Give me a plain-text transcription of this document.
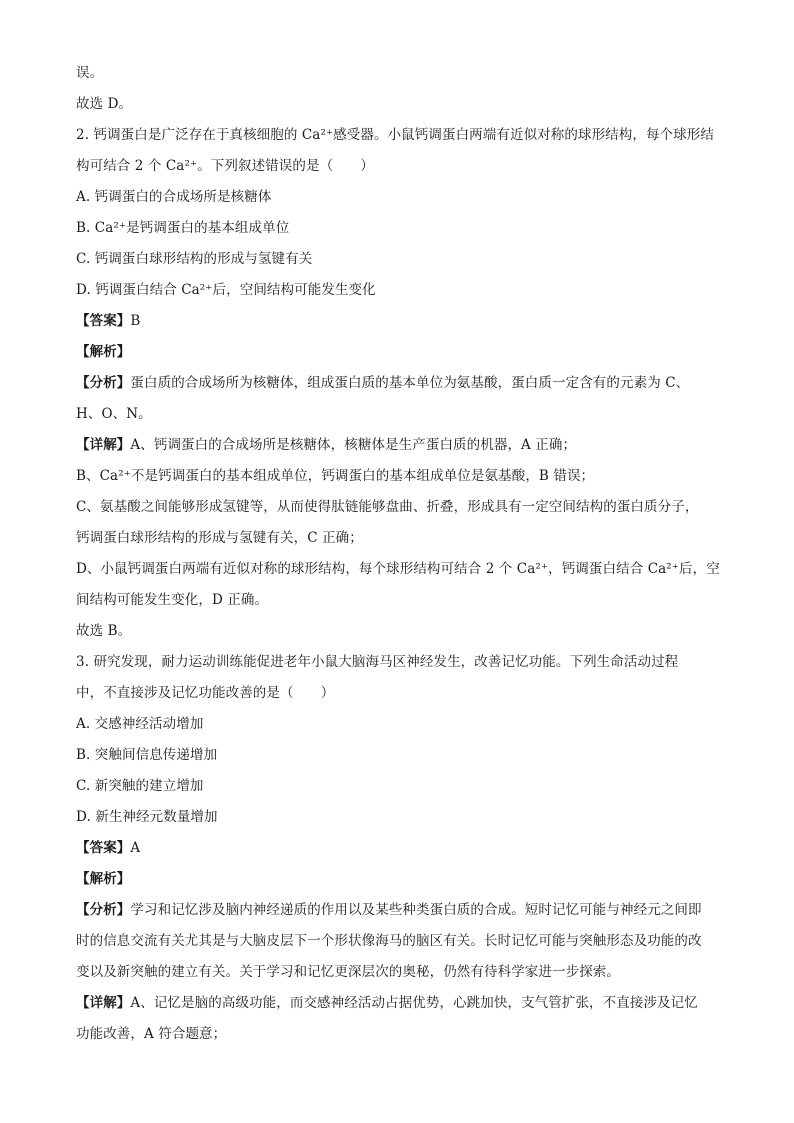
误。
故选 D。
2. 钙调蛋白是广泛存在于真核细胞的 Ca²⁺感受器。小鼠钙调蛋白两端有近似对称的球形结构，每个球形结
构可结合 2 个 Ca²⁺。下列叙述错误的是（　　）
A. 钙调蛋白的合成场所是核糖体
B. Ca²⁺是钙调蛋白的基本组成单位
C. 钙调蛋白球形结构的形成与氢键有关
D. 钙调蛋白结合 Ca²⁺后，空间结构可能发生变化
【答案】B
【解析】
【分析】蛋白质的合成场所为核糖体，组成蛋白质的基本单位为氨基酸，蛋白质一定含有的元素为 C、
H、O、N。
【详解】A、钙调蛋白的合成场所是核糖体，核糖体是生产蛋白质的机器，A 正确；
B、Ca²⁺不是钙调蛋白的基本组成单位，钙调蛋白的基本组成单位是氨基酸，B 错误；
C、氨基酸之间能够形成氢键等，从而使得肽链能够盘曲、折叠，形成具有一定空间结构的蛋白质分子，
钙调蛋白球形结构的形成与氢键有关，C 正确；
D、小鼠钙调蛋白两端有近似对称的球形结构，每个球形结构可结合 2 个 Ca²⁺，钙调蛋白结合 Ca²⁺后，空
间结构可能发生变化，D 正确。
故选 B。
3. 研究发现，耐力运动训练能促进老年小鼠大脑海马区神经发生，改善记忆功能。下列生命活动过程
中，不直接涉及记忆功能改善的是（　　）
A. 交感神经活动增加
B. 突触间信息传递增加
C. 新突触的建立增加
D. 新生神经元数量增加
【答案】A
【解析】
【分析】学习和记忆涉及脑内神经递质的作用以及某些种类蛋白质的合成。短时记忆可能与神经元之间即
时的信息交流有关尤其是与大脑皮层下一个形状像海马的脑区有关。长时记忆可能与突触形态及功能的改
变以及新突触的建立有关。关于学习和记忆更深层次的奥秘，仍然有待科学家进一步探索。
【详解】A、记忆是脑的高级功能，而交感神经活动占据优势，心跳加快，支气管扩张，不直接涉及记忆
功能改善，A 符合题意；
